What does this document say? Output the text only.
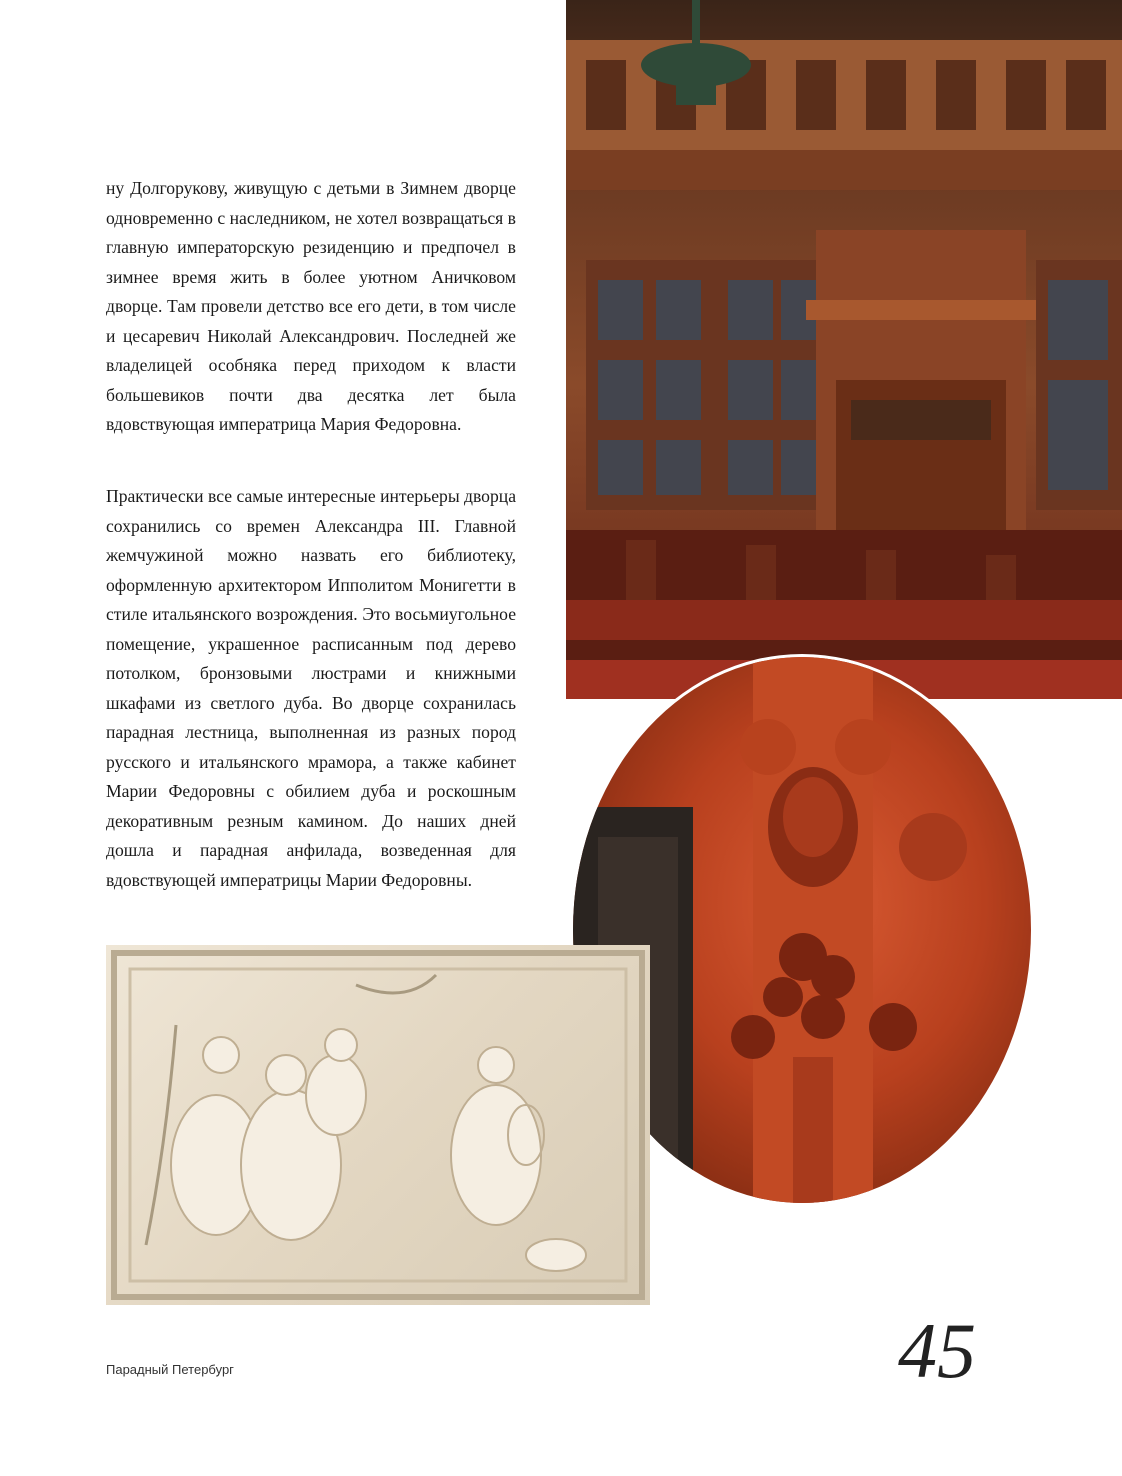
ну Долгорукову, живущую с детьми в Зимнем дворце одновременно с наследником, не хотел возвращаться в главную императорскую резиденцию и предпочел в зимнее время жить в более уютном Аничковом дворце. Там провели детство все его дети, в том числе и цесаревич Николай Александрович. Последней же владелицей особняка перед приходом к власти большевиков почти два десятка лет была вдовствующая императрица Мария Федоровна.

Практически все самые интересные интерьеры дворца сохранились со времен Александра III. Главной жемчужиной можно назвать его библиотеку, оформленную архитектором Ипполитом Монигетти в стиле итальянского возрождения. Это восьмиугольное помещение, украшенное расписанным под дерево потолком, бронзовыми люстрами и книжными шкафами из светлого дуба. Во дворце сохранилась парадная лестница, выполненная из разных пород русского и итальянского мрамора, а также кабинет Марии Федоровны с обилием дуба и роскошным декоративным резным камином. До наших дней дошла и парадная анфилада, возведенная для вдовствующей императрицы Марии Федоровны.

Парадный Петербург	45
